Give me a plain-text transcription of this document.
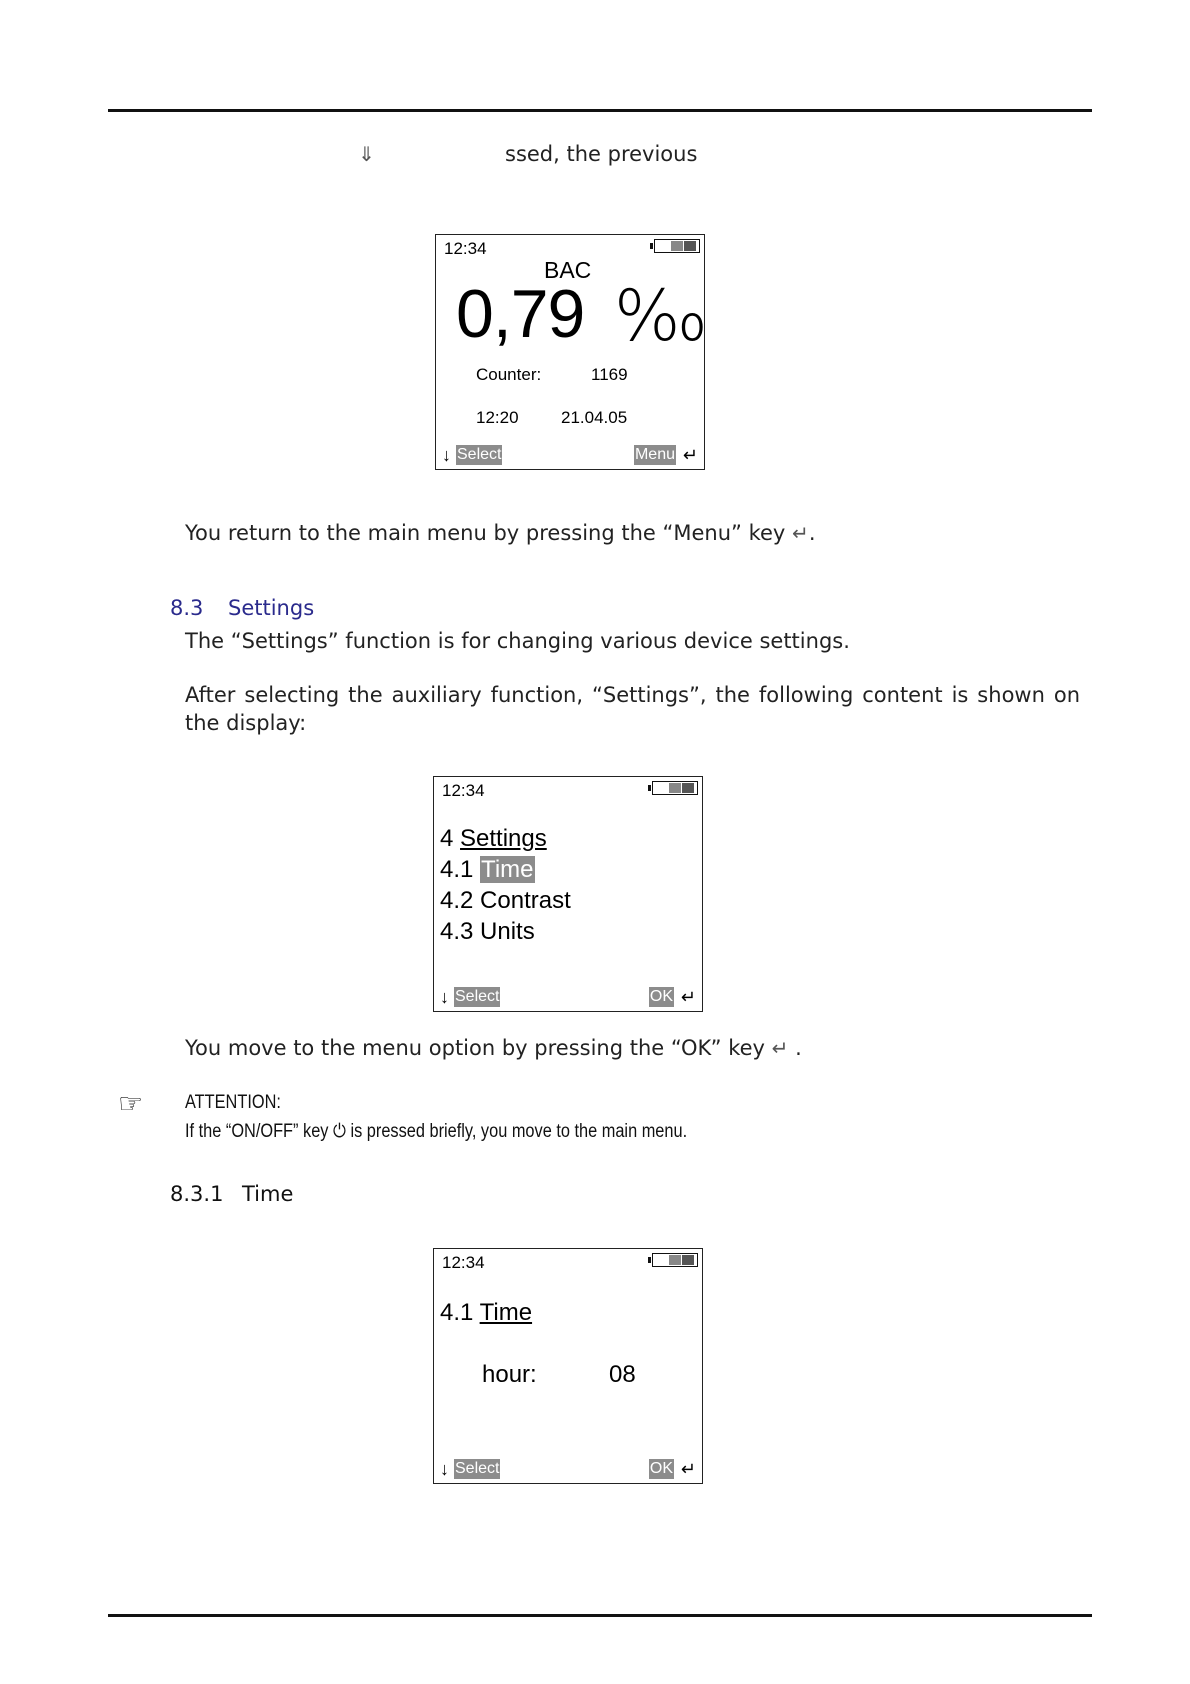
⇓	ssed, the previous
12:34
BAC
0,79 ‰
Counter:	1169
12:20 21.04.05
↓ Select	Menu ↵
You return to the main menu by pressing the “Menu” key ↵.
8.3 Settings
The “Settings” function is for changing various device settings.
After selecting the auxiliary function, “Settings”, the following content is shown on the display:
12:34
4 Settings
4.1 Time
4.2 Contrast
4.3 Units
↓ Select	OK ↵
You move to the menu option by pressing the “OK” key ↵ .
☞ ATTENTION:
If the “ON/OFF” key ⏻ is pressed briefly, you move to the main menu.
8.3.1 Time
12:34
4.1 Time
hour:	08
↓ Select	OK ↵
